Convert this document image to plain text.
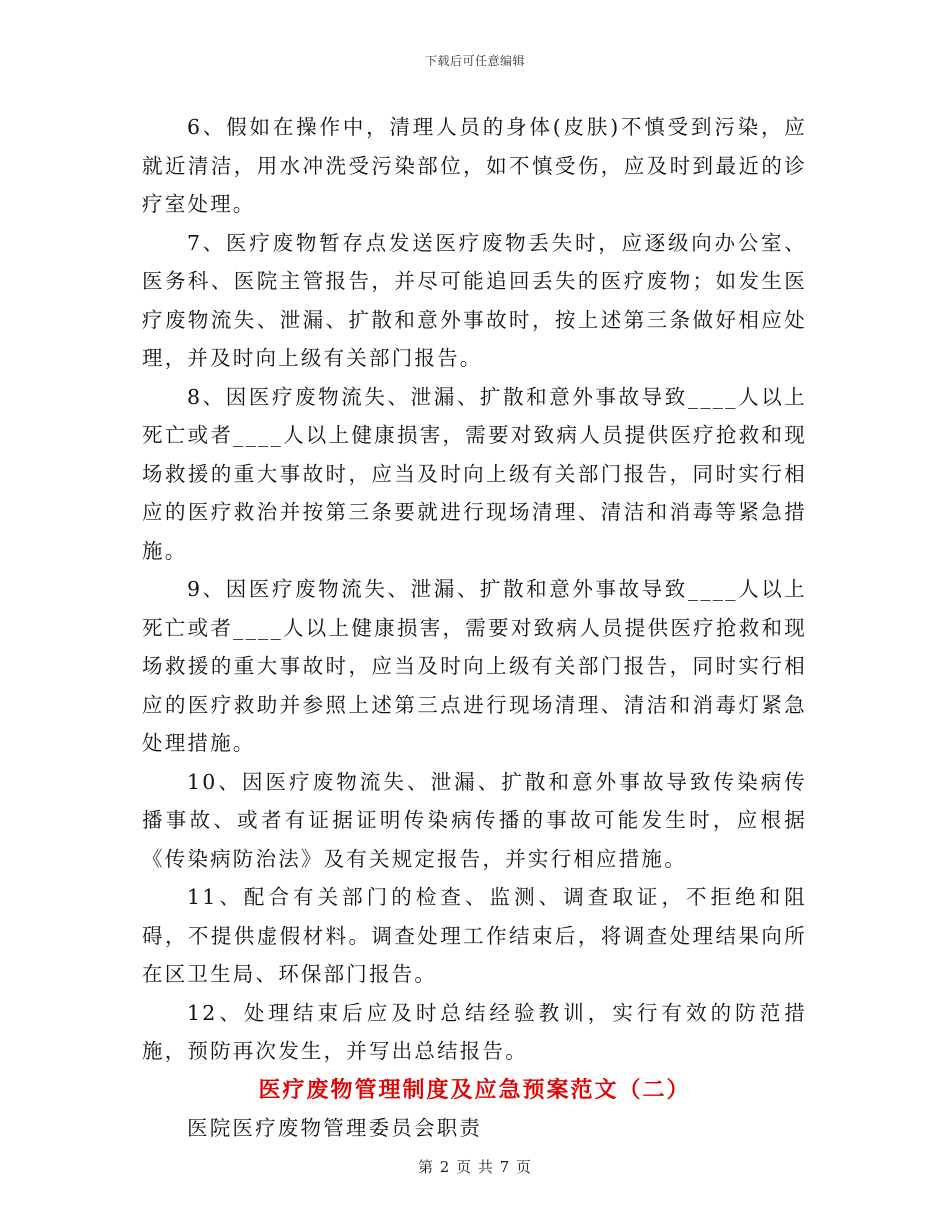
下载后可任意编辑

6、假如在操作中，清理人员的身体(皮肤)不慎受到污染，应就近清洁，用水冲洗受污染部位，如不慎受伤，应及时到最近的诊疗室处理。

7、医疗废物暂存点发送医疗废物丢失时，应逐级向办公室、医务科、医院主管报告，并尽可能追回丢失的医疗废物；如发生医疗废物流失、泄漏、扩散和意外事故时，按上述第三条做好相应处理，并及时向上级有关部门报告。

8、因医疗废物流失、泄漏、扩散和意外事故导致____人以上死亡或者____人以上健康损害，需要对致病人员提供医疗抢救和现场救援的重大事故时，应当及时向上级有关部门报告，同时实行相应的医疗救治并按第三条要就进行现场清理、清洁和消毒等紧急措施。

9、因医疗废物流失、泄漏、扩散和意外事故导致____人以上死亡或者____人以上健康损害，需要对致病人员提供医疗抢救和现场救援的重大事故时，应当及时向上级有关部门报告，同时实行相应的医疗救助并参照上述第三点进行现场清理、清洁和消毒灯紧急处理措施。

10、因医疗废物流失、泄漏、扩散和意外事故导致传染病传播事故、或者有证据证明传染病传播的事故可能发生时，应根据《传染病防治法》及有关规定报告，并实行相应措施。

11、配合有关部门的检查、监测、调查取证，不拒绝和阻碍，不提供虚假材料。调查处理工作结束后，将调查处理结果向所在区卫生局、环保部门报告。

12、处理结束后应及时总结经验教训，实行有效的防范措施，预防再次发生，并写出总结报告。

医疗废物管理制度及应急预案范文（二）

医院医疗废物管理委员会职责

第 2 页 共 7 页
